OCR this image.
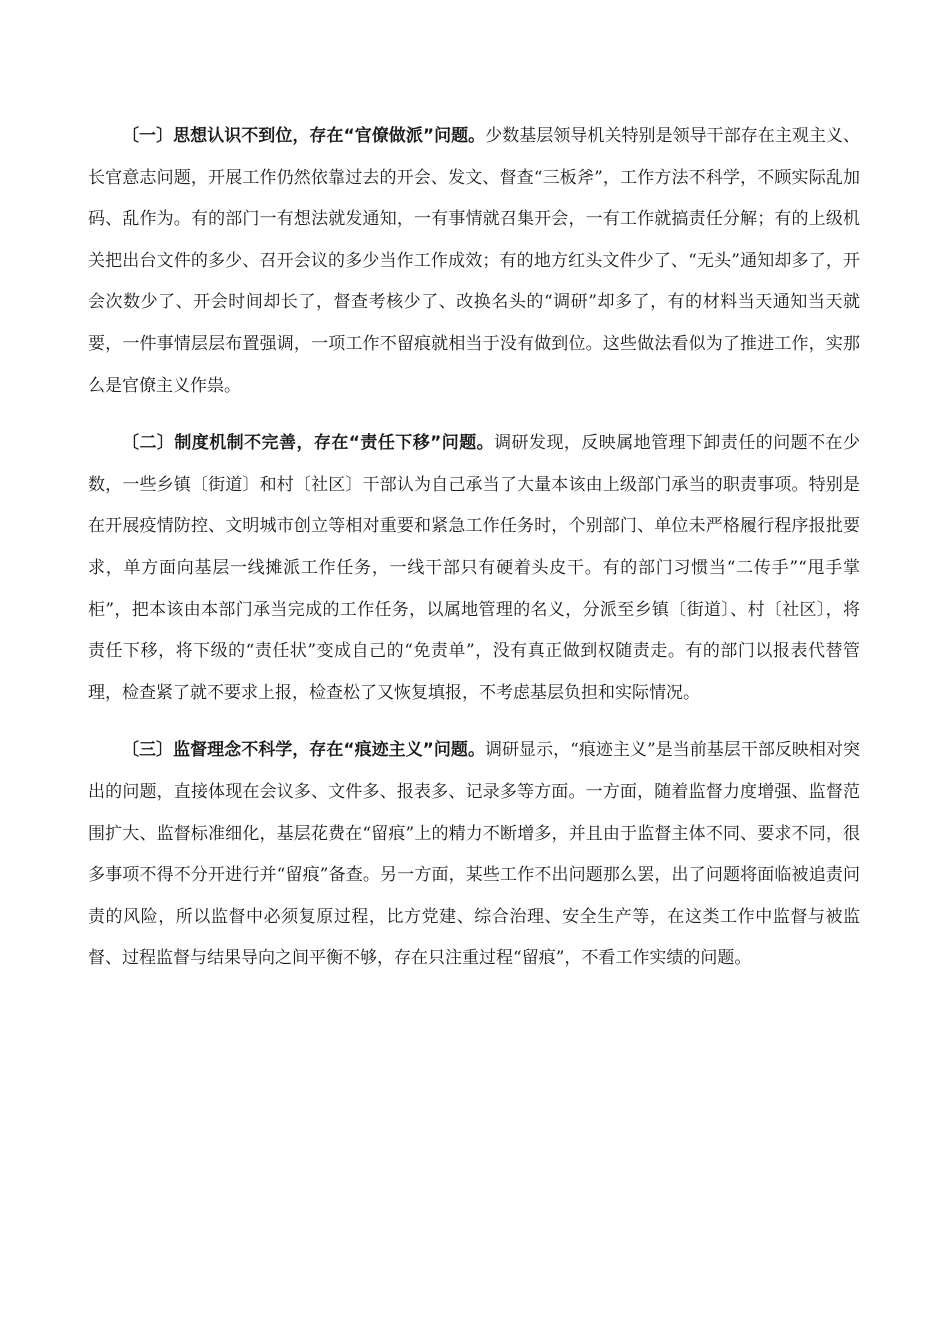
〔一〕思想认识不到位，存在“官僚做派”问题。少数基层领导机关特别是领导干部存在主观主义、长官意志问题，开展工作仍然依靠过去的开会、发文、督查“三板斧”，工作方法不科学，不顾实际乱加码、乱作为。有的部门一有想法就发通知，一有事情就召集开会，一有工作就搞责任分解；有的上级机关把出台文件的多少、召开会议的多少当作工作成效；有的地方红头文件少了、“无头”通知却多了，开会次数少了、开会时间却长了，督查考核少了、改换名头的“调研”却多了，有的材料当天通知当天就要，一件事情层层布置强调，一项工作不留痕就相当于没有做到位。这些做法看似为了推进工作，实那么是官僚主义作祟。

〔二〕制度机制不完善，存在“责任下移”问题。调研发现，反映属地管理下卸责任的问题不在少数，一些乡镇〔街道〕和村〔社区〕干部认为自己承当了大量本该由上级部门承当的职责事项。特别是在开展疫情防控、文明城市创立等相对重要和紧急工作任务时，个别部门、单位未严格履行程序报批要求，单方面向基层一线摊派工作任务，一线干部只有硬着头皮干。有的部门习惯当“二传手”“甩手掌柜”，把本该由本部门承当完成的工作任务，以属地管理的名义，分派至乡镇〔街道〕、村〔社区〕，将责任下移，将下级的“责任状”变成自己的“免责单”，没有真正做到权随责走。有的部门以报表代替管理，检查紧了就不要求上报，检查松了又恢复填报，不考虑基层负担和实际情况。

〔三〕监督理念不科学，存在“痕迹主义”问题。调研显示，“痕迹主义”是当前基层干部反映相对突出的问题，直接体现在会议多、文件多、报表多、记录多等方面。一方面，随着监督力度增强、监督范围扩大、监督标准细化，基层花费在“留痕”上的精力不断增多，并且由于监督主体不同、要求不同，很多事项不得不分开进行并“留痕”备查。另一方面，某些工作不出问题那么罢，出了问题将面临被追责问责的风险，所以监督中必须复原过程，比方党建、综合治理、安全生产等，在这类工作中监督与被监督、过程监督与结果导向之间平衡不够，存在只注重过程“留痕”，不看工作实绩的问题。
